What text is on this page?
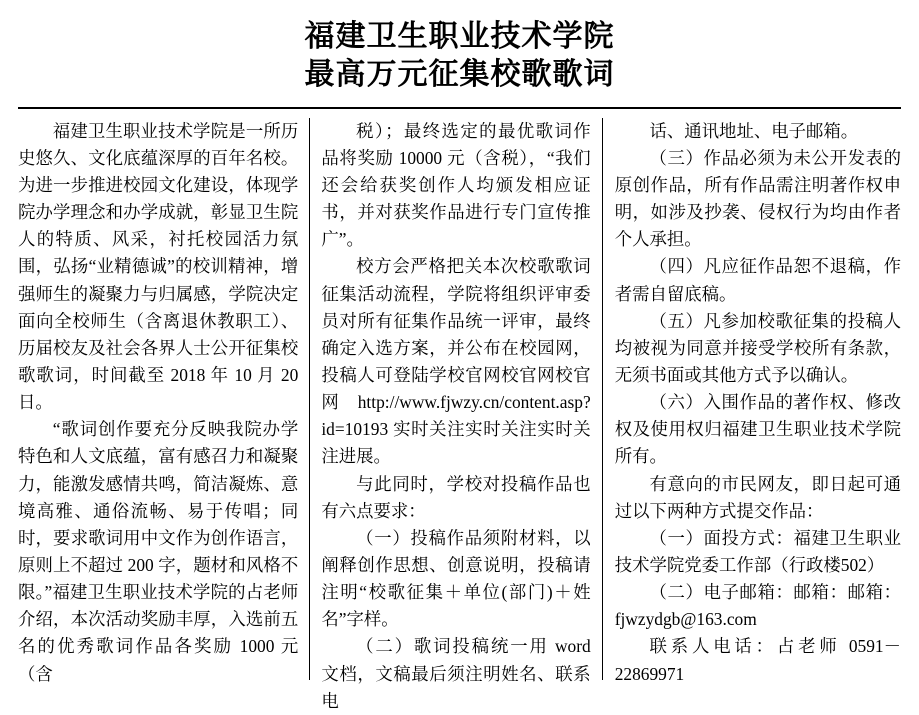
福建卫生职业技术学院
最高万元征集校歌歌词

福建卫生职业技术学院是一所历史悠久、文化底蕴深厚的百年名校。为进一步推进校园文化建设，体现学院办学理念和办学成就，彰显卫生院人的特质、风采，衬托校园活力氛围，弘扬“业精德诚”的校训精神，增强师生的凝聚力与归属感，学院决定面向全校师生（含离退休教职工）、历届校友及社会各界人士公开征集校歌歌词，时间截至 2018 年 10 月 20 日。

“歌词创作要充分反映我院办学特色和人文底蕴，富有感召力和凝聚力，能激发感情共鸣，简洁凝炼、意境高雅、通俗流畅、易于传唱；同时，要求歌词用中文作为创作语言，原则上不超过 200 字，题材和风格不限。”福建卫生职业技术学院的占老师介绍，本次活动奖励丰厚，入选前五名的优秀歌词作品各奖励 1000 元（含

税）；最终选定的最优歌词作品将奖励 10000 元（含税），“我们还会给获奖创作人均颁发相应证书，并对获奖作品进行专门宣传推广”。

校方会严格把关本次校歌歌词征集活动流程，学院将组织评审委员对所有征集作品统一评审，最终确定入选方案，并公布在校园网，投稿人可登陆学校官网校官网校官网 http://www.fjwzy.cn/content.asp?id=10193 实时关注实时关注实时关注进展。

与此同时，学校对投稿作品也有六点要求：

（一）投稿作品须附材料，以阐释创作思想、创意说明，投稿请注明“校歌征集＋单位(部门)＋姓名”字样。

（二）歌词投稿统一用 word 文档，文稿最后须注明姓名、联系电

话、通讯地址、电子邮箱。

（三）作品必须为未公开发表的原创作品，所有作品需注明著作权申明，如涉及抄袭、侵权行为均由作者个人承担。

（四）凡应征作品恕不退稿，作者需自留底稿。

（五）凡参加校歌征集的投稿人均被视为同意并接受学校所有条款，无须书面或其他方式予以确认。

（六）入围作品的著作权、修改权及使用权归福建卫生职业技术学院所有。

有意向的市民网友，即日起可通过以下两种方式提交作品：

（一）面投方式：福建卫生职业技术学院党委工作部（行政楼502）

（二）电子邮箱：邮箱：邮箱：fjwzydgb@163.com

联系人电话：占老师 0591－22869971
